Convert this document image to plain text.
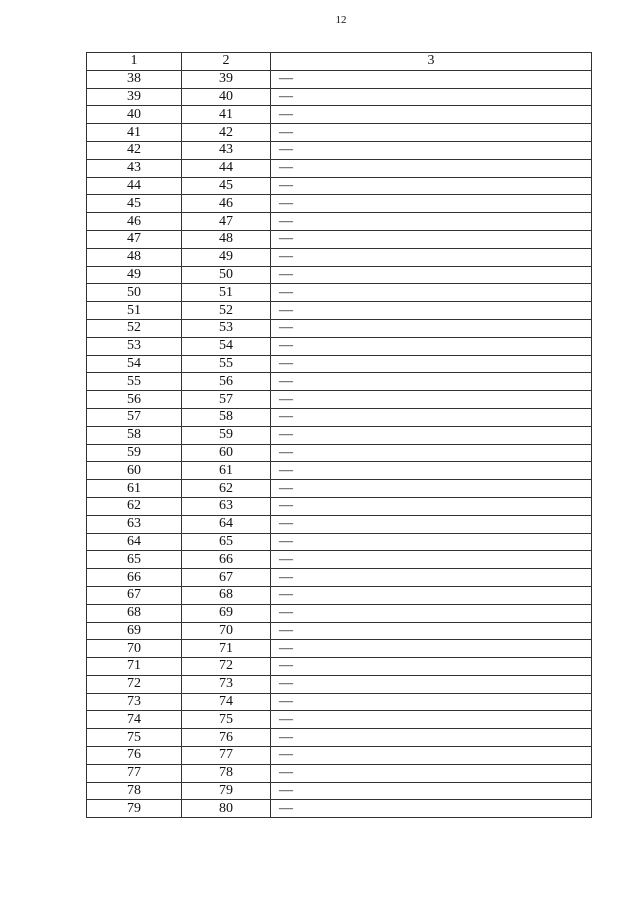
12
1	2	3
38	39	—
39	40	—
40	41	—
41	42	—
42	43	—
43	44	—
44	45	—
45	46	—
46	47	—
47	48	—
48	49	—
49	50	—
50	51	—
51	52	—
52	53	—
53	54	—
54	55	—
55	56	—
56	57	—
57	58	—
58	59	—
59	60	—
60	61	—
61	62	—
62	63	—
63	64	—
64	65	—
65	66	—
66	67	—
67	68	—
68	69	—
69	70	—
70	71	—
71	72	—
72	73	—
73	74	—
74	75	—
75	76	—
76	77	—
77	78	—
78	79	—
79	80	—
